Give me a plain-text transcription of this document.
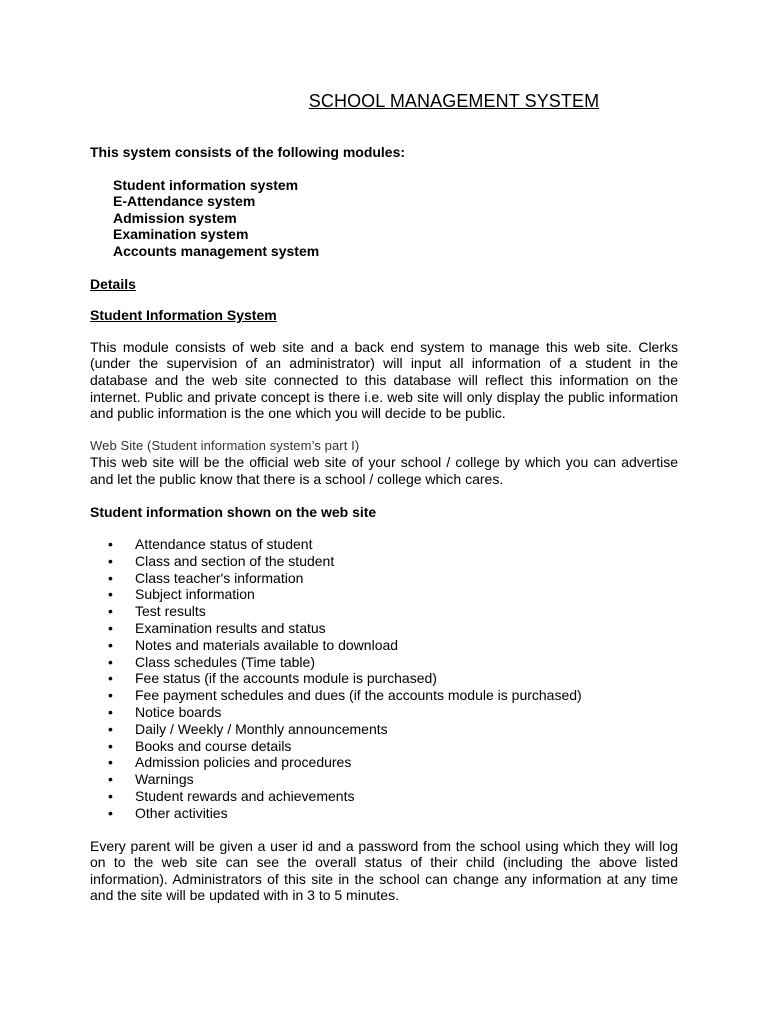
SCHOOL MANAGEMENT SYSTEM

This system consists of the following modules:

Student information system
E-Attendance system
Admission system
Examination system
Accounts management system

Details

Student Information System

This module consists of web site and a back end system to manage this web site. Clerks (under the supervision of an administrator) will input all information of a student in the database and the web site connected to this database will reflect this information on the internet. Public and private concept is there i.e. web site will only display the public information and public information is the one which you will decide to be public.

Web Site (Student information system’s part I)

This web site will be the official web site of your school / college by which you can advertise and let the public know that there is a school / college which cares.

Student information shown on the web site

• Attendance status of student
• Class and section of the student
• Class teacher's information
• Subject information
• Test results
• Examination results and status
• Notes and materials available to download
• Class schedules (Time table)
• Fee status (if the accounts module is purchased)
• Fee payment schedules and dues (if the accounts module is purchased)
• Notice boards
• Daily / Weekly / Monthly announcements
• Books and course details
• Admission policies and procedures
• Warnings
• Student rewards and achievements
• Other activities

Every parent will be given a user id and a password from the school using which they will log on to the web site can see the overall status of their child (including the above listed information). Administrators of this site in the school can change any information at any time and the site will be updated with in 3 to 5 minutes.
